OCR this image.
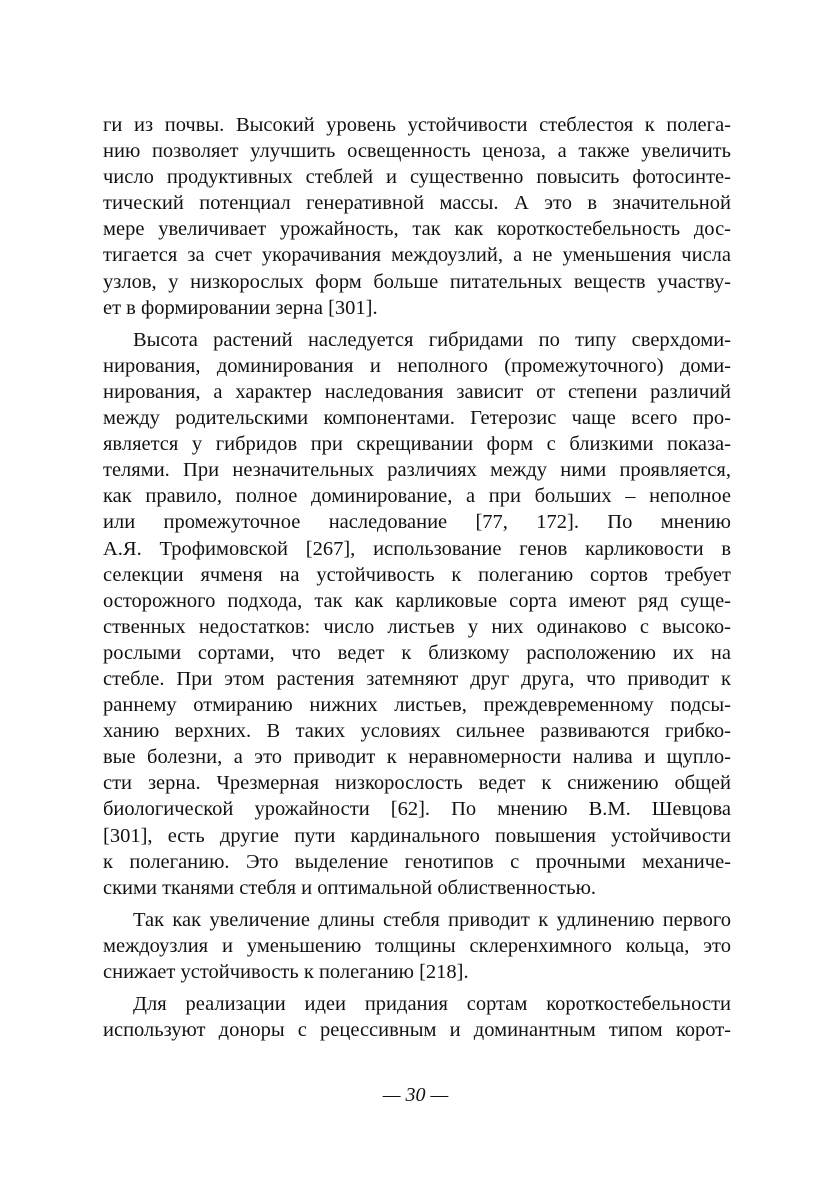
ги из почвы. Высокий уровень устойчивости стеблестоя к полега-
нию позволяет улучшить освещенность ценоза, а также увеличить
число продуктивных стеблей и существенно повысить фотосинте-
тический потенциал генеративной массы. А это в значительной
мере увеличивает урожайность, так как короткостебельность дос-
тигается за счет укорачивания междоузлий, а не уменьшения числа
узлов, у низкорослых форм больше питательных веществ участву-
ет в формировании зерна [301].

Высота растений наследуется гибридами по типу сверхдоми-
нирования, доминирования и неполного (промежуточного) доми-
нирования, а характер наследования зависит от степени различий
между родительскими компонентами. Гетерозис чаще всего про-
является у гибридов при скрещивании форм с близкими показа-
телями. При незначительных различиях между ними проявляется,
как правило, полное доминирование, а при больших – неполное
или промежуточное наследование [77, 172]. По мнению
А.Я. Трофимовской [267], использование генов карликовости в
селекции ячменя на устойчивость к полеганию сортов требует
осторожного подхода, так как карликовые сорта имеют ряд суще-
ственных недостатков: число листьев у них одинаково с высоко-
рослыми сортами, что ведет к близкому расположению их на
стебле. При этом растения затемняют друг друга, что приводит к
раннему отмиранию нижних листьев, преждевременному подсы-
ханию верхних. В таких условиях сильнее развиваются грибко-
вые болезни, а это приводит к неравномерности налива и щупло-
сти зерна. Чрезмерная низкорослость ведет к снижению общей
биологической урожайности [62]. По мнению В.М. Шевцова
[301], есть другие пути кардинального повышения устойчивости
к полеганию. Это выделение генотипов с прочными механиче-
скими тканями стебля и оптимальной облиственностью.

Так как увеличение длины стебля приводит к удлинению первого
междоузлия и уменьшению толщины склеренхимного кольца, это
снижает устойчивость к полеганию [218].

Для реализации идеи придания сортам короткостебельности
используют доноры с рецессивным и доминантным типом корот-

— 30 —
